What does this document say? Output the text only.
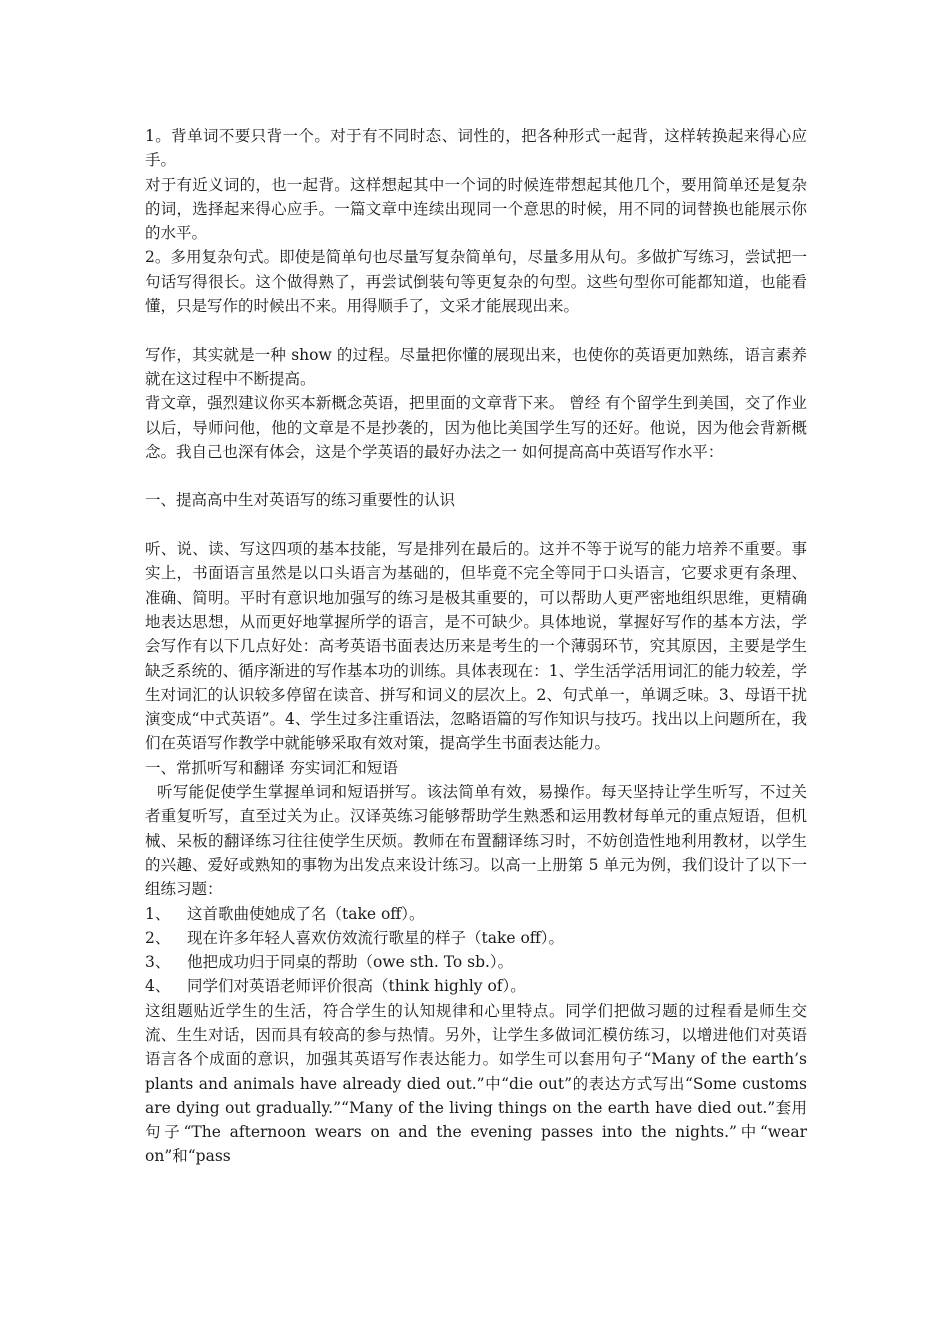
1。背单词不要只背一个。对于有不同时态、词性的，把各种形式一起背，这样转换起来得心应手。

对于有近义词的，也一起背。这样想起其中一个词的时候连带想起其他几个，要用简单还是复杂的词，选择起来得心应手。一篇文章中连续出现同一个意思的时候，用不同的词替换也能展示你的水平。

2。多用复杂句式。即使是简单句也尽量写复杂简单句，尽量多用从句。多做扩写练习，尝试把一句话写得很长。这个做得熟了，再尝试倒装句等更复杂的句型。这些句型你可能都知道，也能看懂，只是写作的时候出不来。用得顺手了，文采才能展现出来。

写作，其实就是一种 show 的过程。尽量把你懂的展现出来，也使你的英语更加熟练，语言素养就在这过程中不断提高。

背文章，强烈建议你买本新概念英语，把里面的文章背下来。 曾经 有个留学生到美国，交了作业以后，导师问他，他的文章是不是抄袭的，因为他比美国学生写的还好。他说，因为他会背新概念。我自己也深有体会，这是个学英语的最好办法之一 如何提高高中英语写作水平：

一、提高高中生对英语写的练习重要性的认识

听、说、读、写这四项的基本技能，写是排列在最后的。这并不等于说写的能力培养不重要。事实上，书面语言虽然是以口头语言为基础的，但毕竟不完全等同于口头语言，它要求更有条理、准确、简明。平时有意识地加强写的练习是极其重要的，可以帮助人更严密地组织思维，更精确地表达思想，从而更好地掌握所学的语言，是不可缺少。具体地说，掌握好写作的基本方法，学会写作有以下几点好处：高考英语书面表达历来是考生的一个薄弱环节，究其原因，主要是学生缺乏系统的、循序渐进的写作基本功的训练。具体表现在：1、学生活学活用词汇的能力较差，学生对词汇的认识较多停留在读音、拼写和词义的层次上。2、句式单一，单调乏味。3、母语干扰演变成“中式英语”。4、学生过多注重语法，忽略语篇的写作知识与技巧。找出以上问题所在，我们在英语写作教学中就能够采取有效对策，提高学生书面表达能力。

一、常抓听写和翻译 夯实词汇和短语

听写能促使学生掌握单词和短语拼写。该法简单有效，易操作。每天坚持让学生听写，不过关者重复听写，直至过关为止。汉译英练习能够帮助学生熟悉和运用教材每单元的重点短语，但机械、呆板的翻译练习往往使学生厌烦。教师在布置翻译练习时，不妨创造性地利用教材，以学生的兴趣、爱好或熟知的事物为出发点来设计练习。以高一上册第 5 单元为例，我们设计了以下一组练习题：

1、	这首歌曲使她成了名（take off）。

2、	现在许多年轻人喜欢仿效流行歌星的样子（take off）。

3、	他把成功归于同桌的帮助（owe sth. To sb.）。

4、	同学们对英语老师评价很高（think highly of）。

这组题贴近学生的生活，符合学生的认知规律和心里特点。同学们把做习题的过程看是师生交流、生生对话，因而具有较高的参与热情。另外，让学生多做词汇模仿练习，以增进他们对英语语言各个成面的意识，加强其英语写作表达能力。如学生可以套用句子“Many of the earth’s plants and animals have already died out.”中“die out”的表达方式写出“Some customs are dying out gradually.”“Many of the living things on the earth have died out.”套用句子“The afternoon wears on and the evening passes into the nights.”中“wear on”和“pass
